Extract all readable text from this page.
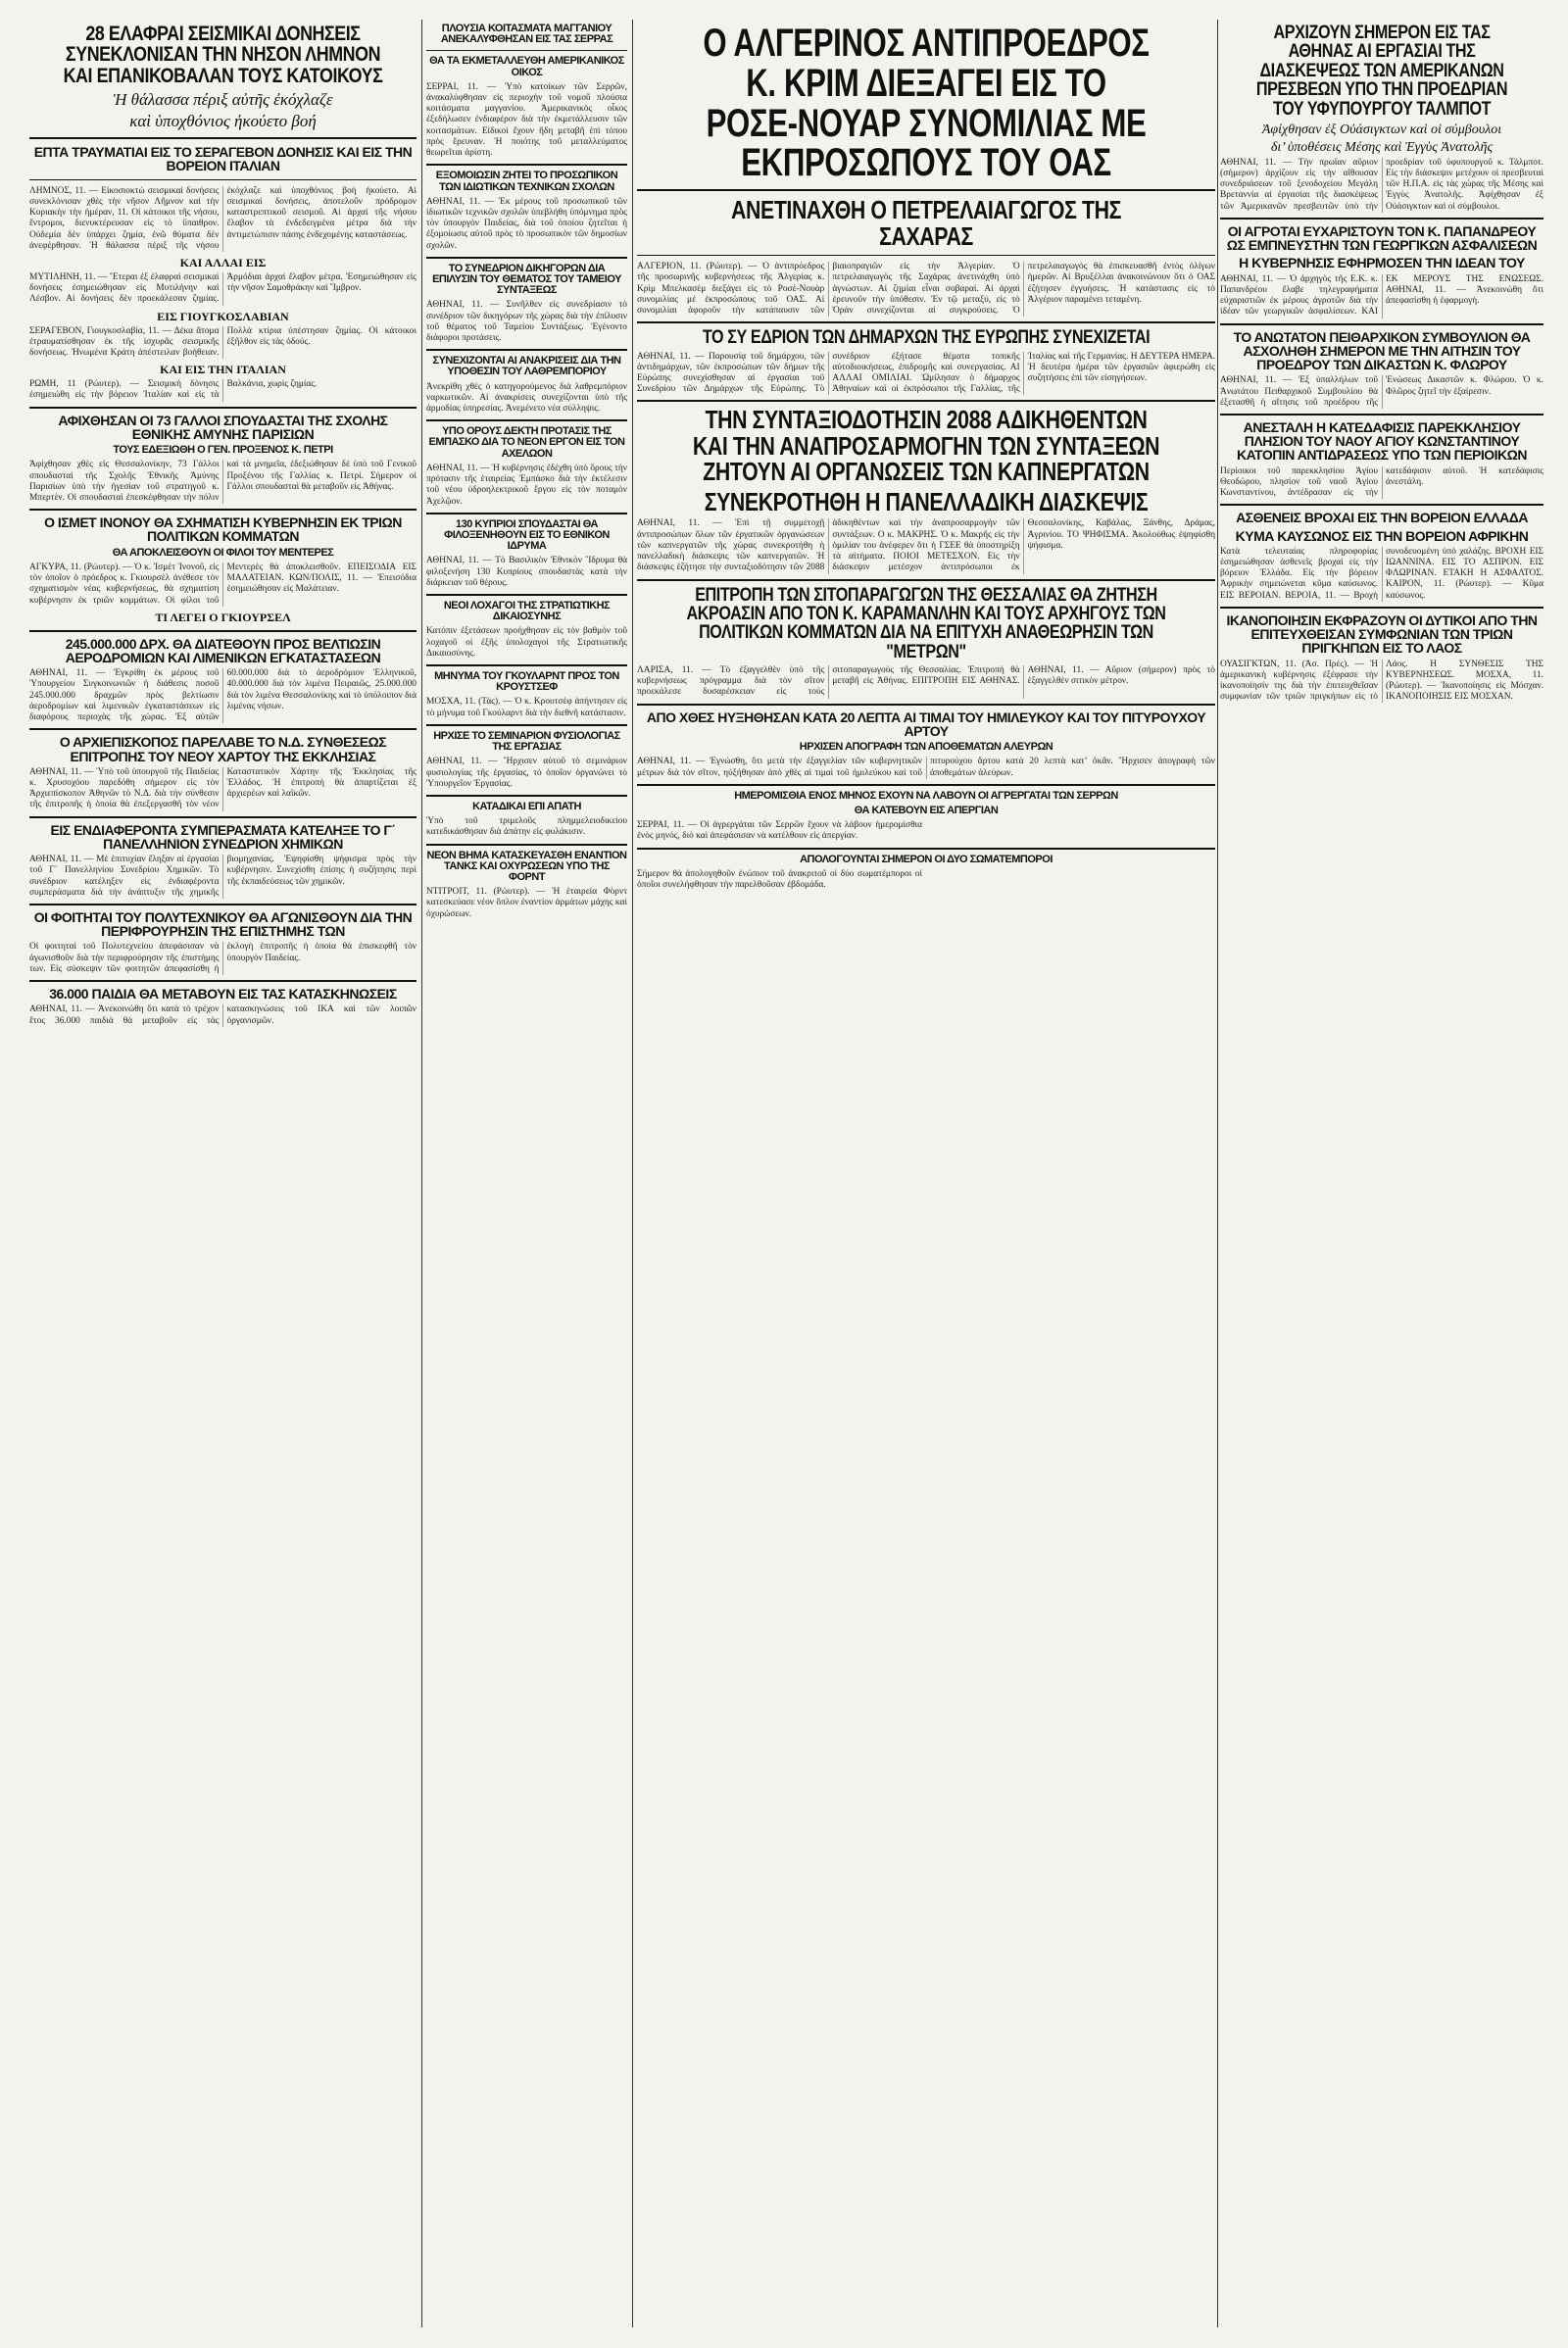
28 ΕΛΑΦΡΑΙ ΣΕΙΣΜΙΚΑΙ ΔΟΝΗΣΕΙΣ ΣΥΝΕΚΛΟΝΙΣΑΝ ΤΗΝ ΝΗΣΟΝ ΛΗΜΝΟΝ ΚΑΙ ΕΠΑΝΙΚΟΒΑΛΑΝ ΤΟΥΣ ΚΑΤΟΙΚΟΥΣ
Ἡ θάλασσα πέριξ αὐτῆς ἐκόχλαζε
καὶ ὑποχθόνιος ἠκούετο βοή
ΕΠΤΑ ΤΡΑΥΜΑΤΙΑΙ ΕΙΣ ΤΟ ΣΕΡΑΓΕΒΟΝ ΔΟΝΗΣΙΣ ΚΑΙ ΕΙΣ ΤΗΝ ΒΟΡΕΙΟΝ ΙΤΑΛΙΑΝ
ΛΗΜΝΟΣ, 11. — Εἰκοσιοκτώ σεισμικαὶ δονήσεις συνεκλόνισαν χθὲς τὴν νῆσον Λῆμνον καὶ τὴν Κυριακὴν τὴν ἡμέραν, 11. Οἱ κάτοικοι τῆς νήσου, ἔντρομοι, διενυκτέρευσαν εἰς τὸ ὕπαιθρον. Οὐδεμία δὲν ὑπάρχει ζημία, ἐνῶ θύματα δὲν ἀνεφέρθησαν. Ἡ θάλασσα πέριξ τῆς νήσου ἐκόχλαζε καὶ ὑποχθόνιος βοὴ ἠκούετο. Αἱ σεισμικαὶ δονήσεις, ἀποτελοῦν πρόδρομον καταστρεπτικοῦ σεισμοῦ. Αἱ ἀρχαὶ τῆς νήσου ἔλαβον τὰ ἐνδεδειγμένα μέτρα διὰ τὴν ἀντιμετώπισιν πάσης ἐνδεχομένης καταστάσεως.
ΚΑΙ ΑΛΛΑΙ ΕΙΣ
ΜΥΤΙΛΗΝΗ, 11. — Ἕτεραι ἐξ ἐλαφραὶ σεισμικαὶ δονήσεις ἐσημειώθησαν εἰς Μυτιλήνην καὶ Λέσβον. Αἱ δονήσεις δὲν προεκάλεσαν ζημίας. Ἁρμόδιαι ἀρχαὶ ἔλαβον μέτρα. Ἐσημειώθησαν εἰς τὴν νῆσον Σαμοθράκην καὶ Ἴμβρον.
ΕΙΣ ΓΙΟΥΓΚΟΣΛΑΒΙΑΝ
ΣΕΡΑΓΕΒΟΝ, Γιουγκοσλαβία, 11. — Δέκα ἄτομα ἐτραυματίσθησαν ἐκ τῆς ἰσχυρᾶς σεισμικῆς δονήσεως. Ἠνωμένα Κράτη ἀπέστειλαν βοήθειαν. Πολλὰ κτίρια ὑπέστησαν ζημίας. Οἱ κάτοικοι ἐξῆλθον εἰς τὰς ὁδούς.
ΚΑΙ ΕΙΣ ΤΗΝ ΙΤΑΛΙΑΝ
ΡΩΜΗ, 11 (Ρώυτερ). — Σεισμικὴ δόνησις ἐσημειώθη εἰς τὴν βόρειον Ἰταλίαν καὶ εἰς τὰ Βαλκάνια, χωρὶς ζημίας.
ΑΦΙΧΘΗΣΑΝ ΟΙ 73 ΓΑΛΛΟΙ ΣΠΟΥΔΑΣΤΑΙ ΤΗΣ ΣΧΟΛΗΣ ΕΘΝΙΚΗΣ ΑΜΥΝΗΣ ΠΑΡΙΣΙΩΝ
ΤΟΥΣ ΕΔΕΞΙΩΘΗ Ο ΓΕΝ. ΠΡΟΞΕΝΟΣ Κ. ΠΕΤΡΙ
Ἀφίχθησαν χθὲς εἰς Θεσσαλονίκην, 73 Γάλλοι σπουδασταὶ τῆς Σχολῆς Ἐθνικῆς Ἀμύνης Παρισίων ὑπὸ τὴν ἡγεσίαν τοῦ στρατηγοῦ κ. Μπερτὲν. Οἱ σπουδασταὶ ἐπεσκέφθησαν τὴν πόλιν καὶ τὰ μνημεῖα, ἐδεξιώθησαν δὲ ὑπὸ τοῦ Γενικοῦ Προξένου τῆς Γαλλίας κ. Πετρί. Σήμερον οἱ Γάλλοι σπουδασταὶ θὰ μεταβοῦν εἰς Ἀθήνας.
Ο ΙΣΜΕΤ ΙΝΟΝΟΥ ΘΑ ΣΧΗΜΑΤΙΣΗ ΚΥΒΕΡΝΗΣΙΝ ΕΚ ΤΡΙΩΝ ΠΟΛΙΤΙΚΩΝ ΚΟΜΜΑΤΩΝ
ΘΑ ΑΠΟΚΛΕΙΣΘΟΥΝ ΟΙ ΦΙΛΟΙ ΤΟΥ ΜΕΝΤΕΡΕΣ
ΑΓΚΥΡΑ, 11. (Ρώυτερ). — Ὁ κ. Ἰσμὲτ Ἰνονοῦ, εἰς τὸν ὁποῖον ὁ πρόεδρος κ. Γκιουρσὲλ ἀνέθεσε τὸν σχηματισμὸν νέας κυβερνήσεως, θὰ σχηματίση κυβέρνησιν ἐκ τριῶν κομμάτων. Οἱ φίλοι τοῦ Μεντερὲς θὰ ἀποκλεισθοῦν. ΕΠΕΙΣΟΔΙΑ ΕΙΣ ΜΑΛΑΤΕΙΑΝ. ΚΩΝ/ΠΟΛΙΣ, 11. — Ἐπεισόδια ἐσημειώθησαν εἰς Μαλάτειαν.
ΤΙ ΛΕΓΕΙ Ο ΓΚΙΟΥΡΣΕΛ
245.000.000 ΔΡΧ. ΘΑ ΔΙΑΤΕΘΟΥΝ ΠΡΟΣ ΒΕΛΤΙΩΣΙΝ ΑΕΡΟΔΡΟΜΙΩΝ ΚΑΙ ΛΙΜΕΝΙΚΩΝ ΕΓΚΑΤΑΣΤΑΣΕΩΝ
ΑΘΗΝΑΙ, 11. — Ἐγκρίθη ἐκ μέρους τοῦ Ὑπουργείου Συγκοινωνιῶν ἡ διάθεσις ποσοῦ 245.000.000 δραχμῶν πρὸς βελτίωσιν ἀεροδρομίων καὶ λιμενικῶν ἐγκαταστάσεων εἰς διαφόρους περιοχὰς τῆς χώρας. Ἐξ αὐτῶν 60.000.000 διὰ τὸ ἀεροδρόμιον Ἑλληνικοῦ, 40.000.000 διὰ τὸν λιμένα Πειραιῶς, 25.000.000 διὰ τὸν λιμένα Θεσσαλονίκης καὶ τὸ ὑπόλοιπον διὰ λιμένας νήσων.
Ο ΑΡΧΙΕΠΙΣΚΟΠΟΣ ΠΑΡΕΛΑΒΕ ΤΟ Ν.Δ. ΣΥΝΘΕΣΕΩΣ ΕΠΙΤΡΟΠΗΣ ΤΟΥ ΝΕΟΥ ΧΑΡΤΟΥ ΤΗΣ ΕΚΚΛΗΣΙΑΣ
ΑΘΗΝΑΙ, 11. — Ὑπὸ τοῦ ὑπουργοῦ τῆς Παιδείας κ. Χρυσοχόου παρεδόθη σήμερον εἰς τὸν Ἀρχιεπίσκοπον Ἀθηνῶν τὸ Ν.Δ. διὰ τὴν σύνθεσιν τῆς ἐπιτροπῆς ἡ ὁποία θὰ ἐπεξεργασθῆ τὸν νέον Καταστατικὸν Χάρτην τῆς Ἐκκλησίας τῆς Ἑλλάδος. Ἡ ἐπιτροπὴ θὰ ἀπαρτίζεται ἐξ ἀρχιερέων καὶ λαϊκῶν.
ΕΙΣ ΕΝΔΙΑΦΕΡΟΝΤΑ ΣΥΜΠΕΡΑΣΜΑΤΑ ΚΑΤΕΛΗΞΕ ΤΟ Γ΄ ΠΑΝΕΛΛΗΝΙΟΝ ΣΥΝΕΔΡΙΟΝ ΧΗΜΙΚΩΝ
ΑΘΗΝΑΙ, 11. — Μὲ ἐπιτυχίαν ἔληξαν αἱ ἐργασίαι τοῦ Γ΄ Πανελληνίου Συνεδρίου Χημικῶν. Τὸ συνέδριον κατέληξεν εἰς ἐνδιαφέροντα συμπεράσματα διὰ τὴν ἀνάπτυξιν τῆς χημικῆς βιομηχανίας. Ἐψηφίσθη ψήφισμα πρὸς τὴν κυβέρνησιν. Συνεχίσθη ἐπίσης ἡ συζήτησις περὶ τῆς ἐκπαιδεύσεως τῶν χημικῶν.
ΟΙ ΦΟΙΤΗΤΑΙ ΤΟΥ ΠΟΛΥΤΕΧΝΙΚΟΥ ΘΑ ΑΓΩΝΙΣΘΟΥΝ ΔΙΑ ΤΗΝ ΠΕΡΙΦΡΟΥΡΗΣΙΝ ΤΗΣ ΕΠΙΣΤΗΜΗΣ ΤΩΝ
Οἱ φοιτηταὶ τοῦ Πολυτεχνείου ἀπεφάσισαν νὰ ἀγωνισθοῦν διὰ τὴν περιφρούρησιν τῆς ἐπιστήμης των. Εἰς σύσκεψιν τῶν φοιτητῶν ἀπεφασίσθη ἡ ἐκλογὴ ἐπιτροπῆς ἡ ὁποία θὰ ἐπισκεφθῆ τὸν ὑπουργὸν Παιδείας.
36.000 ΠΑΙΔΙΑ ΘΑ ΜΕΤΑΒΟΥΝ ΕΙΣ ΤΑΣ ΚΑΤΑΣΚΗΝΩΣΕΙΣ
ΑΘΗΝΑΙ, 11. — Ἀνεκοινώθη ὅτι κατὰ τὸ τρέχον ἔτος 36.000 παιδιὰ θὰ μεταβοῦν εἰς τὰς κατασκηνώσεις τοῦ ΙΚΑ καὶ τῶν λοιπῶν ὀργανισμῶν.
ΠΛΟΥΣΙΑ ΚΟΙΤΑΣΜΑΤΑ ΜΑΓΓΑΝΙΟΥ ΑΝΕΚΑΛΥΦΘΗΣΑΝ ΕΙΣ ΤΑΣ ΣΕΡΡΑΣ
ΘΑ ΤΑ ΕΚΜΕΤΑΛΛΕΥΘΗ ΑΜΕΡΙΚΑΝΙΚΟΣ ΟΙΚΟΣ
ΣΕΡΡΑΙ, 11. — Ὑπὸ κατοίκων τῶν Σερρῶν, ἀνακαλύφθησαν εἰς περιοχὴν τοῦ νομοῦ πλούσια κοιτάσματα μαγγανίου. Ἀμερικανικὸς οἶκος ἐξεδήλωσεν ἐνδιαφέρον διὰ τὴν ἐκμετάλλευσιν τῶν κοιτασμάτων. Εἰδικοὶ ἔχουν ἤδη μεταβῆ ἐπὶ τόπου πρὸς ἔρευναν. Ἡ ποιότης τοῦ μεταλλεύματος θεωρεῖται ἀρίστη.
ΕΞΟΜΟΙΩΣΙΝ ΖΗΤΕΙ ΤΟ ΠΡΟΣΩΠΙΚΟΝ ΤΩΝ ΙΔΙΩΤΙΚΩΝ ΤΕΧΝΙΚΩΝ ΣΧΟΛΩΝ
ΑΘΗΝΑΙ, 11. — Ἐκ μέρους τοῦ προσωπικοῦ τῶν ἰδιωτικῶν τεχνικῶν σχολῶν ὑπεβλήθη ὑπόμνημα πρὸς τὸν ὑπουργὸν Παιδείας, διὰ τοῦ ὁποίου ζητεῖται ἡ ἐξομοίωσις αὐτοῦ πρὸς τὸ προσωπικὸν τῶν δημοσίων σχολῶν.
ΤΟ ΣΥΝΕΔΡΙΟΝ ΔΙΚΗΓΟΡΩΝ ΔΙΑ ΕΠΙΛΥΣΙΝ ΤΟΥ ΘΕΜΑΤΟΣ ΤΟΥ ΤΑΜΕΙΟΥ ΣΥΝΤΑΞΕΩΣ
ΑΘΗΝΑΙ, 11. — Συνῆλθεν εἰς συνεδρίασιν τὸ συνέδριον τῶν δικηγόρων τῆς χώρας διὰ τὴν ἐπίλυσιν τοῦ θέματος τοῦ Ταμείου Συντάξεως. Ἐγένοντο διάφοροι προτάσεις.
ΣΥΝΕΧΙΖΟΝΤΑΙ ΑΙ ΑΝΑΚΡΙΣΕΙΣ ΔΙΑ ΤΗΝ ΥΠΟΘΕΣΙΝ ΤΟΥ ΛΑΘΡΕΜΠΟΡΙΟΥ
Ἀνεκρίθη χθὲς ὁ κατηγορούμενος διὰ λαθρεμπόριον ναρκωτικῶν. Αἱ ἀνακρίσεις συνεχίζονται ὑπὸ τῆς ἀρμοδίας ὑπηρεσίας. Ἀνεμένετο νέα σύλληψις.
ΥΠΟ ΟΡΟΥΣ ΔΕΚΤΗ ΠΡΟΤΑΣΙΣ ΤΗΣ ΕΜΠΑΣΚΟ ΔΙΑ ΤΟ ΝΕΟΝ ΕΡΓΟΝ ΕΙΣ ΤΟΝ ΑΧΕΛΩΟΝ
ΑΘΗΝΑΙ, 11. — Ἡ κυβέρνησις ἐδέχθη ὑπὸ ὅρους τὴν πρότασιν τῆς ἑταιρείας Ἐμπάσκο διὰ τὴν ἐκτέλεσιν τοῦ νέου ὑδροηλεκτρικοῦ ἔργου εἰς τὸν ποταμὸν Ἀχελῷον.
130 ΚΥΠΡΙΟΙ ΣΠΟΥΔΑΣΤΑΙ ΘΑ ΦΙΛΟΞΕΝΗΘΟΥΝ ΕΙΣ ΤΟ ΕΘΝΙΚΟΝ ΙΔΡΥΜΑ
ΑΘΗΝΑΙ, 11. — Τὸ Βασιλικὸν Ἐθνικὸν Ἵδρυμα θὰ φιλοξενήση 130 Κυπρίους σπουδαστὰς κατὰ τὴν διάρκειαν τοῦ θέρους.
ΝΕΟΙ ΛΟΧΑΓΟΙ ΤΗΣ ΣΤΡΑΤΙΩΤΙΚΗΣ ΔΙΚΑΙΟΣΥΝΗΣ
Κατόπιν ἐξετάσεων προήχθησαν εἰς τὸν βαθμὸν τοῦ λοχαγοῦ οἱ ἐξῆς ὑπολοχαγοὶ τῆς Στρατιωτικῆς Δικαιοσύνης.
ΜΗΝΥΜΑ ΤΟΥ ΓΚΟΥΛΑΡΝΤ ΠΡΟΣ ΤΟΝ ΚΡΟΥΣΤΣΕΦ
ΜΟΣΧΑ, 11. (Τάς). — Ὁ κ. Κρουτσὲφ ἀπήντησεν εἰς τὸ μήνυμα τοῦ Γκούλαρντ διὰ τὴν διεθνῆ κατάστασιν.
ΗΡΧΙΣΕ ΤΟ ΣΕΜΙΝΑΡΙΟΝ ΦΥΣΙΟΛΟΓΙΑΣ ΤΗΣ ΕΡΓΑΣΙΑΣ
ΑΘΗΝΑΙ, 11. — Ἤρχισεν αὐτοῦ τὸ σεμινάριον φυσιολογίας τῆς ἐργασίας, τὸ ὁποῖον ὀργανώνει τὸ Ὑπουργεῖον Ἐργασίας.
ΚΑΤΑΔΙΚΑΙ ΕΠΙ ΑΠΑΤΗ
Ὑπὸ τοῦ τριμελοῦς πλημμελειοδικείου κατεδικάσθησαν διὰ ἀπάτην εἰς φυλάκισιν.
ΝΕΟΝ ΒΗΜΑ ΚΑΤΑΣΚΕΥΑΣΘΗ ΕΝΑΝΤΙΟΝ ΤΑΝΚΣ ΚΑΙ ΟΧΥΡΩΣΕΩΝ ΥΠΟ ΤΗΣ ΦΟΡΝΤ
ΝΤΙΤΡΟΙΤ, 11. (Ρώυτερ). — Ἡ ἑταιρεία Φὸρντ κατεσκεύασε νέον ὅπλον ἐναντίον ἁρμάτων μάχης καὶ ὀχυρώσεων.
Ο ΑΛΓΕΡΙΝΟΣ ΑΝΤΙΠΡΟΕΔΡΟΣ Κ. ΚΡΙΜ ΔΙΕΞΑΓΕΙ ΕΙΣ ΤΟ ΡΟΣΕ-ΝΟΥΑΡ ΣΥΝΟΜΙΛΙΑΣ ΜΕ ΕΚΠΡΟΣΩΠΟΥΣ ΤΟΥ ΟΑΣ
ΑΝΕΤΙΝΑΧΘΗ Ο ΠΕΤΡΕΛΑΙΑΓΩΓΟΣ ΤΗΣ ΣΑΧΑΡΑΣ
ΑΛΓΕΡΙΟΝ, 11. (Ρώυτερ). — Ὁ ἀντιπρόεδρος τῆς προσωρινῆς κυβερνήσεως τῆς Ἀλγερίας κ. Κρὶμ Μπελκασὲμ διεξάγει εἰς τὸ Ροσὲ-Νουὰρ συνομιλίας μὲ ἐκπροσώπους τοῦ ΟΑΣ. Αἱ συνομιλίαι ἀφοροῦν τὴν κατάπαυσιν τῶν βιαιοπραγιῶν εἰς τὴν Ἀλγερίαν. Ὁ πετρελαιαγωγὸς τῆς Σαχάρας ἀνετινάχθη ὑπὸ ἀγνώστων. Αἱ ζημίαι εἶναι σοβαραί. Αἱ ἀρχαὶ ἐρευνοῦν τὴν ὑπόθεσιν. Ἐν τῷ μεταξύ, εἰς τὸ Ὀράν συνεχίζονται αἱ συγκρούσεις. Ὁ πετρελαιαγωγὸς θὰ ἐπισκευασθῆ ἐντὸς ὀλίγων ἡμερῶν. Αἱ Βρυξέλλαι ἀνακοινώνουν ὅτι ὁ ΟΑΣ ἐζήτησεν ἐγγυήσεις. Ἡ κατάστασις εἰς τὸ Ἀλγέριον παραμένει τεταμένη.
ΤΟ ΣΥ ΕΔΡΙΟΝ ΤΩΝ ΔΗΜΑΡΧΩΝ ΤΗΣ ΕΥΡΩΠΗΣ ΣΥΝΕΧΙΖΕΤΑΙ
ΑΘΗΝΑΙ, 11. — Παρουσίᾳ τοῦ δημάρχου, τῶν ἀντιδημάρχων, τῶν ἐκπροσώπων τῶν δήμων τῆς Εὐρώπης συνεχίσθησαν αἱ ἐργασίαι τοῦ Συνεδρίου τῶν Δημάρχων τῆς Εὐρώπης. Τὸ συνέδριον ἐξήτασε θέματα τοπικῆς αὐτοδιοικήσεως, ἐπιδρομῆς καὶ συνεργασίας. ΑΙ ΑΛΛΑΙ ΟΜΙΛΙΑΙ. Ὡμίλησαν ὁ δήμαρχος Ἀθηναίων καὶ οἱ ἐκπρόσωποι τῆς Γαλλίας, τῆς Ἰταλίας καὶ τῆς Γερμανίας. Η ΔΕΥΤΕΡΑ ΗΜΕΡΑ. Ἡ δευτέρα ἡμέρα τῶν ἐργασιῶν ἀφιερώθη εἰς συζητήσεις ἐπὶ τῶν εἰσηγήσεων.
ΤΗΝ ΣΥΝΤΑΞΙΟΔΟΤΗΣΙΝ 2088 ΑΔΙΚΗΘΕΝΤΩΝ ΚΑΙ ΤΗΝ ΑΝΑΠΡΟΣΑΡΜΟΓΗΝ ΤΩΝ ΣΥΝΤΑΞΕΩΝ ΖΗΤΟΥΝ ΑΙ ΟΡΓΑΝΩΣΕΙΣ ΤΩΝ ΚΑΠΝΕΡΓΑΤΩΝ
ΣΥΝΕΚΡΟΤΗΘΗ Η ΠΑΝΕΛΛΑΔΙΚΗ ΔΙΑΣΚΕΨΙΣ
ΑΘΗΝΑΙ, 11. — Ἐπὶ τῇ συμμετοχῇ ἀντιπροσώπων ὅλων τῶν ἐργατικῶν ὀργανώσεων τῶν καπνεργατῶν τῆς χώρας συνεκροτήθη ἡ πανελλαδικὴ διάσκεψις τῶν καπνεργατῶν. Ἡ διάσκεψις ἐζήτησε τὴν συνταξιοδότησιν τῶν 2088 ἀδικηθέντων καὶ τὴν ἀναπροσαρμογὴν τῶν συντάξεων. Ο κ. ΜΑΚΡΗΣ. Ὁ κ. Μακρῆς εἰς τὴν ὁμιλίαν του ἀνέφερεν ὅτι ἡ ΓΣΕΕ θὰ ὑποστηρίξη τὰ αἰτήματα. ΠΟΙΟΙ ΜΕΤΕΣΧΟΝ. Εἰς τὴν διάσκεψιν μετέσχον ἀντιπρόσωποι ἐκ Θεσσαλονίκης, Καβάλας, Ξάνθης, Δράμας, Ἀγρινίου. ΤΟ ΨΗΦΙΣΜΑ. Ἀκολούθως ἐψηφίσθη ψήφισμα.
ΕΠΙΤΡΟΠΗ ΤΩΝ ΣΙΤΟΠΑΡΑΓΩΓΩΝ ΤΗΣ ΘΕΣΣΑΛΙΑΣ ΘΑ ΖΗΤΗΣΗ ΑΚΡΟΑΣΙΝ ΑΠΟ ΤΟΝ Κ. ΚΑΡΑΜΑΝΛΗΝ ΚΑΙ ΤΟΥΣ ΑΡΧΗΓΟΥΣ ΤΩΝ ΠΟΛΙΤΙΚΩΝ ΚΟΜΜΑΤΩΝ ΔΙΑ ΝΑ ΕΠΙΤΥΧΗ ΑΝΑΘΕΩΡΗΣΙΝ ΤΩΝ "ΜΕΤΡΩΝ"
ΛΑΡΙΣΑ, 11. — Τὸ ἐξαγγελθὲν ὑπὸ τῆς κυβερνήσεως πρόγραμμα διὰ τὸν σῖτον προεκάλεσε δυσαρέσκειαν εἰς τοὺς σιτοπαραγωγοὺς τῆς Θεσσαλίας. Ἐπιτροπὴ θὰ μεταβῆ εἰς Ἀθήνας. ΕΠΙΤΡΟΠΗ ΕΙΣ ΑΘΗΝΑΣ. ΑΘΗΝΑΙ, 11. — Αὔριον (σήμερον) πρὸς τὸ ἑξαγγελθὲν σιτικὸν μέτρον.
ΑΠΟ ΧΘΕΣ ΗΥΞΗΘΗΣΑΝ ΚΑΤΑ 20 ΛΕΠΤΑ ΑΙ ΤΙΜΑΙ ΤΟΥ ΗΜΙΛΕΥΚΟΥ ΚΑΙ ΤΟΥ ΠΙΤΥΡΟΥΧΟΥ ΑΡΤΟΥ
ΗΡΧΙΣΕΝ ΑΠΟΓΡΑΦΗ ΤΩΝ ΑΠΟΘΕΜΑΤΩΝ ΑΛΕΥΡΩΝ
ΑΘΗΝΑΙ, 11. — Ἐγνώσθη, ὅτι μετὰ τὴν ἐξαγγελίαν τῶν κυβερνητικῶν μέτρων διὰ τὸν σῖτον, ηὐξήθησαν ἀπὸ χθὲς αἱ τιμαὶ τοῦ ἡμιλεύκου καὶ τοῦ πιτυρούχου ἄρτου κατὰ 20 λεπτὰ κατ’ ὀκᾶν. Ἤρχισεν ἀπογραφὴ τῶν ἀποθεμάτων ἀλεύρων.
ΗΜΕΡΟΜΙΣΘΙΑ ΕΝΟΣ ΜΗΝΟΣ ΕΧΟΥΝ ΝΑ ΛΑΒΟΥΝ ΟΙ ΑΓΡΕΡΓΑΤΑΙ ΤΩΝ ΣΕΡΡΩΝ
ΘΑ ΚΑΤΕΒΟΥΝ ΕΙΣ ΑΠΕΡΓΙΑΝ
ΣΕΡΡΑΙ, 11. — Οἱ ἀγρεργάται τῶν Σερρῶν ἔχουν νὰ λάβουν ἡμερομίσθια ἑνὸς μηνός, διὸ καὶ ἀπεφάσισαν νὰ κατέλθουν εἰς ἀπεργίαν.
ΑΠΟΛΟΓΟΥΝΤΑΙ ΣΗΜΕΡΟΝ ΟΙ ΔΥΟ ΣΩΜΑΤΕΜΠΟΡΟΙ
Σήμερον θὰ ἀπολογηθοῦν ἐνώπιον τοῦ ἀνακριτοῦ οἱ δύο σωματέμποροι οἱ ὁποῖοι συνελήφθησαν τὴν παρελθοῦσαν ἑβδομάδα.
ΑΡΧΙΖΟΥΝ ΣΗΜΕΡΟΝ ΕΙΣ ΤΑΣ ΑΘΗΝΑΣ ΑΙ ΕΡΓΑΣΙΑΙ ΤΗΣ ΔΙΑΣΚΕΨΕΩΣ ΤΩΝ ΑΜΕΡΙΚΑΝΩΝ ΠΡΕΣΒΕΩΝ ΥΠΟ ΤΗΝ ΠΡΟΕΔΡΙΑΝ ΤΟΥ ΥΦΥΠΟΥΡΓΟΥ ΤΑΛΜΠΟΤ
Ἀφίχθησαν ἐξ Οὐάσιγκτων καὶ οἱ σύμβουλοι
δι’ ὑποθέσεις Μέσης καὶ Ἐγγὺς Ἀνατολῆς
ΑΘΗΝΑΙ, 11. — Τὴν πρωΐαν αὔριον (σήμερον) ἀρχίζουν εἰς τὴν αἴθουσαν συνεδριάσεων τοῦ ξενοδοχείου Μεγάλη Βρεταννία αἱ ἐργασίαι τῆς διασκέψεως τῶν Ἀμερικανῶν πρεσβευτῶν ὑπὸ τὴν προεδρίαν τοῦ ὑφυπουργοῦ κ. Τάλμποτ. Εἰς τὴν διάσκεψιν μετέχουν οἱ πρεσβευταὶ τῶν Η.Π.Α. εἰς τὰς χώρας τῆς Μέσης καὶ Ἐγγὺς Ἀνατολῆς. Ἀφίχθησαν ἐξ Οὐάσιγκτων καὶ οἱ σύμβουλοι.
ΟΙ ΑΓΡΟΤΑΙ ΕΥΧΑΡΙΣΤΟΥΝ ΤΟΝ Κ. ΠΑΠΑΝΔΡΕΟΥ ΩΣ ΕΜΠΝΕΥΣΤΗΝ ΤΩΝ ΓΕΩΡΓΙΚΩΝ ΑΣΦΑΛΙΣΕΩΝ
Η ΚΥΒΕΡΝΗΣΙΣ ΕΦΗΡΜΟΣΕΝ ΤΗΝ ΙΔΕΑΝ ΤΟΥ
ΑΘΗΝΑΙ, 11. — Ὁ ἀρχηγὸς τῆς Ε.Κ. κ. Παπανδρέου ἔλαβε τηλεγραφήματα εὐχαριστιῶν ἐκ μέρους ἀγροτῶν διὰ τὴν ἰδέαν τῶν γεωργικῶν ἀσφαλίσεων. ΚΑΙ ΕΚ ΜΕΡΟΥΣ ΤΗΣ ΕΝΩΣΕΩΣ. ΑΘΗΝΑΙ, 11. — Ἀνεκοινώθη ὅτι ἀπεφασίσθη ἡ ἐφαρμογή.
ΤΟ ΑΝΩΤΑΤΟΝ ΠΕΙΘΑΡΧΙΚΟΝ ΣΥΜΒΟΥΛΙΟΝ ΘΑ ΑΣΧΟΛΗΘΗ ΣΗΜΕΡΟΝ ΜΕ ΤΗΝ ΑΙΤΗΣΙΝ ΤΟΥ ΠΡΟΕΔΡΟΥ ΤΩΝ ΔΙΚΑΣΤΩΝ Κ. ΦΛΩΡΟΥ
ΑΘΗΝΑΙ, 11. — Ἐξ ὑπαλλήλων τοῦ Ἀνωτάτου Πειθαρχικοῦ Συμβουλίου θὰ ἐξετασθῆ ἡ αἴτησις τοῦ προέδρου τῆς Ἑνώσεως Δικαστῶν κ. Φλώρου. Ὁ κ. Φλῶρος ζητεῖ τὴν ἐξαίρεσιν.
ΑΝΕΣΤΑΛΗ Η ΚΑΤΕΔΑΦΙΣΙΣ ΠΑΡΕΚΚΛΗΣΙΟΥ ΠΛΗΣΙΟΝ ΤΟΥ ΝΑΟΥ ΑΓΙΟΥ ΚΩΝΣΤΑΝΤΙΝΟΥ ΚΑΤΟΠΙΝ ΑΝΤΙΔΡΑΣΕΩΣ ΥΠΟ ΤΩΝ ΠΕΡΙΟΙΚΩΝ
Περίοικοι τοῦ παρεκκλησίου Ἁγίου Θεοδώρου, πλησίον τοῦ ναοῦ Ἁγίου Κωνσταντίνου, ἀντέδρασαν εἰς τὴν κατεδάφισιν αὐτοῦ. Ἡ κατεδάφισις ἀνεστάλη.
ΑΣΘΕΝΕΙΣ ΒΡΟΧΑΙ ΕΙΣ ΤΗΝ ΒΟΡΕΙΟΝ ΕΛΛΑΔΑ
ΚΥΜΑ ΚΑΥΣΩΝΟΣ ΕΙΣ ΤΗΝ ΒΟΡΕΙΟΝ ΑΦΡΙΚΗΝ
Κατὰ τελευταίας πληροφορίας ἐσημειώθησαν ἀσθενεῖς βροχαὶ εἰς τὴν βόρειον Ἑλλάδα. Εἰς τὴν βόρειον Ἀφρικὴν σημειώνεται κῦμα καύσωνος. ΕΙΣ ΒΕΡΟΙΑΝ. ΒΕΡΟΙΑ, 11. — Βροχὴ συνοδευομένη ὑπὸ χαλάζης. ΒΡΟΧΗ ΕΙΣ ΙΩΑΝΝΙΝΑ. ΕΙΣ ΤΟ ΑΣΠΡΟΝ. ΕΙΣ ΦΛΩΡΙΝΑΝ. ΕΤΑΚΗ Η ΑΣΦΑΛΤΟΣ. ΚΑΙΡΟΝ, 11. (Ρώυτερ). — Κῦμα καύσωνος.
ΙΚΑΝΟΠΟΙΗΣΙΝ ΕΚΦΡΑΖΟΥΝ ΟΙ ΔΥΤΙΚΟΙ ΑΠΟ ΤΗΝ ΕΠΙΤΕΥΧΘΕΙΣΑΝ ΣΥΜΦΩΝΙΑΝ ΤΩΝ ΤΡΙΩΝ ΠΡΙΓΚΗΠΩΝ ΕΙΣ ΤΟ ΛΑΟΣ
ΟΥΑΣΙΓΚΤΩΝ, 11. (Ἀσ. Πρές). — Ἡ ἀμερικανικὴ κυβέρνησις ἐξέφρασε τὴν ἱκανοποίησίν της διὰ τὴν ἐπιτευχθεῖσαν συμφωνίαν τῶν τριῶν πριγκήπων εἰς τὸ Λάος. Η ΣΥΝΘΕΣΙΣ ΤΗΣ ΚΥΒΕΡΝΗΣΕΩΣ. ΜΟΣΧΑ, 11. (Ρώυτερ). — Ἱκανοποίησις εἰς Μόσχαν. ΙΚΑΝΟΠΟΙΗΣΙΣ ΕΙΣ ΜΟΣΧΑΝ.
